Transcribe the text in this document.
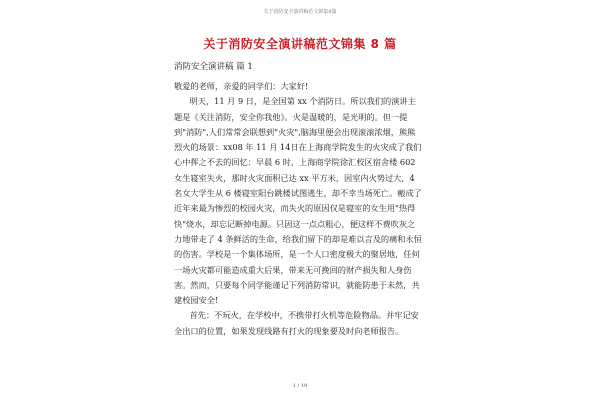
关于消防安全演讲稿范文锦集8篇
关于消防安全演讲稿范文锦集 8 篇
消防安全演讲稿 篇 1

敬爱的老师，亲爱的同学们：大家好!

明天，11 月 9 日，是全国第 xx 个消防日。所以我们的演讲主题是《关注消防，安全你我他》。火是温暖的，是光明的。但一提到"消防",人们常常会联想到"火灾",脑海里便会出现滚滚浓烟，熊熊烈火的场景：xx08 年 11 月 14日在上海商学院发生的火灾成了我们心中挥之不去的回忆：早晨 6 时，上海商学院徐汇校区宿舍楼 602 女生寝室失火，那时火灾面积已达 xx 平方米，因室内火势过大，4 名女大学生从 6 楼寝室阳台跳楼试图逃生，却不幸当场死亡。瘢成了近年来最为惨烈的校园火灾，而失火的原因仅是寝室的女生用"热得快"烧水，却忘记断掉电源。只因这一点点粗心，便这样不费吹灰之力地带走了 4 条鲜活的生命，给我们留下的却是难以言及的痛和永恒的伤害。学校是一个集体场所，是一个人口密度极大的聚居地，任何一场火灾都可能造成重大后果，带来无可挽回的财产损失和人身伤害。然而，只要每个同学能谨记下列消防常识，就能防患于未然，共建校园安全!

首先：不玩火，在学校中，不携带打火机等危险物品。并牢记安全出口的位置，如果发现线路有打火的现象要及时向老师报告。

1 / 19
